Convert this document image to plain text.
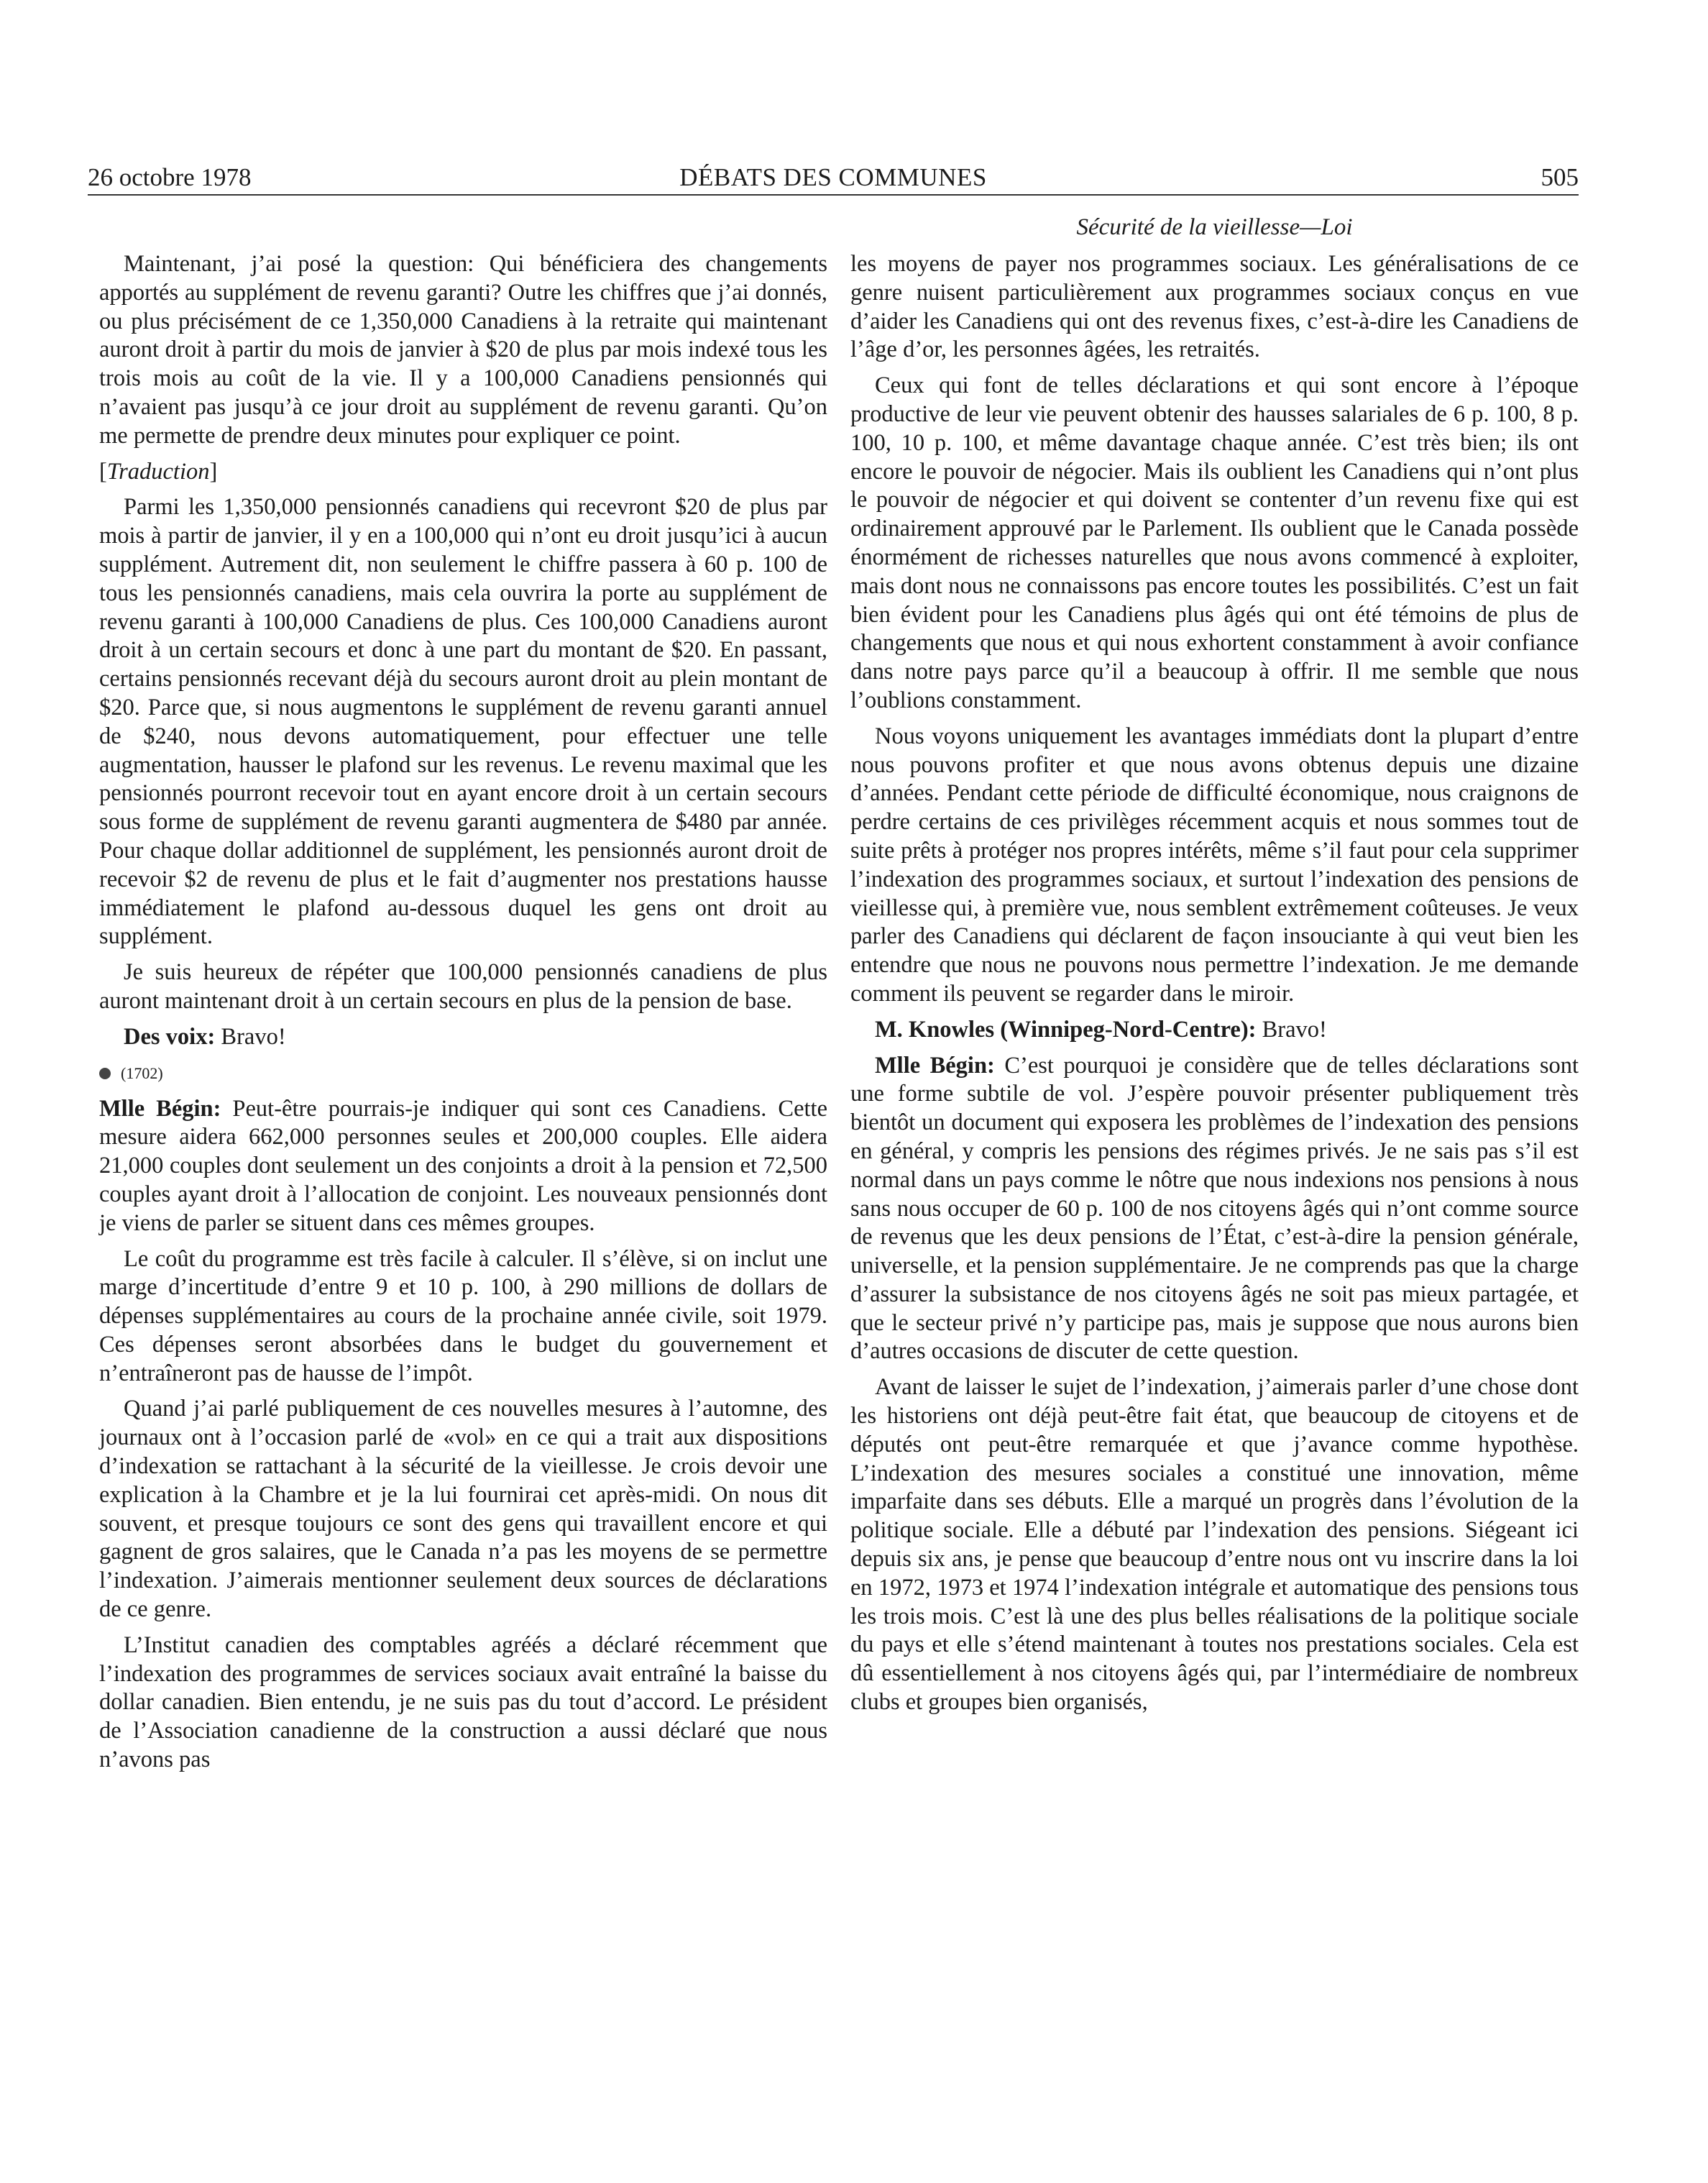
26 octobre 1978	DÉBATS DES COMMUNES	505
Sécurité de la vieillesse—Loi

Maintenant, j’ai posé la question: Qui bénéficiera des changements apportés au supplément de revenu garanti? Outre les chiffres que j’ai donnés, ou plus précisément de ce 1,350,000 Canadiens à la retraite qui maintenant auront droit à partir du mois de janvier à $20 de plus par mois indexé tous les trois mois au coût de la vie. Il y a 100,000 Canadiens pensionnés qui n’avaient pas jusqu’à ce jour droit au supplément de revenu garanti. Qu’on me permette de prendre deux minutes pour expliquer ce point.

[Traduction]

Parmi les 1,350,000 pensionnés canadiens qui recevront $20 de plus par mois à partir de janvier, il y en a 100,000 qui n’ont eu droit jusqu’ici à aucun supplément. Autrement dit, non seulement le chiffre passera à 60 p. 100 de tous les pensionnés canadiens, mais cela ouvrira la porte au supplément de revenu garanti à 100,000 Canadiens de plus. Ces 100,000 Canadiens auront droit à un certain secours et donc à une part du montant de $20. En passant, certains pensionnés recevant déjà du secours auront droit au plein montant de $20. Parce que, si nous augmentons le supplément de revenu garanti annuel de $240, nous devons automatiquement, pour effectuer une telle augmentation, hausser le plafond sur les revenus. Le revenu maximal que les pensionnés pourront recevoir tout en ayant encore droit à un certain secours sous forme de supplément de revenu garanti augmentera de $480 par année. Pour chaque dollar additionnel de supplément, les pensionnés auront droit de recevoir $2 de revenu de plus et le fait d’augmenter nos prestations hausse immédiatement le plafond au-dessous duquel les gens ont droit au supplément.

Je suis heureux de répéter que 100,000 pensionnés canadiens de plus auront maintenant droit à un certain secours en plus de la pension de base.

Des voix: Bravo!

(1702)

Mlle Bégin: Peut-être pourrais-je indiquer qui sont ces Canadiens. Cette mesure aidera 662,000 personnes seules et 200,000 couples. Elle aidera 21,000 couples dont seulement un des conjoints a droit à la pension et 72,500 couples ayant droit à l’allocation de conjoint. Les nouveaux pensionnés dont je viens de parler se situent dans ces mêmes groupes.

Le coût du programme est très facile à calculer. Il s’élève, si on inclut une marge d’incertitude d’entre 9 et 10 p. 100, à 290 millions de dollars de dépenses supplémentaires au cours de la prochaine année civile, soit 1979. Ces dépenses seront absorbées dans le budget du gouvernement et n’entraîneront pas de hausse de l’impôt.

Quand j’ai parlé publiquement de ces nouvelles mesures à l’automne, des journaux ont à l’occasion parlé de «vol» en ce qui a trait aux dispositions d’indexation se rattachant à la sécurité de la vieillesse. Je crois devoir une explication à la Chambre et je la lui fournirai cet après-midi. On nous dit souvent, et presque toujours ce sont des gens qui travaillent encore et qui gagnent de gros salaires, que le Canada n’a pas les moyens de se permettre l’indexation. J’aimerais mentionner seulement deux sources de déclarations de ce genre.

L’Institut canadien des comptables agréés a déclaré récemment que l’indexation des programmes de services sociaux avait entraîné la baisse du dollar canadien. Bien entendu, je ne suis pas du tout d’accord. Le président de l’Association canadienne de la construction a aussi déclaré que nous n’avons pas

les moyens de payer nos programmes sociaux. Les généralisations de ce genre nuisent particulièrement aux programmes sociaux conçus en vue d’aider les Canadiens qui ont des revenus fixes, c’est-à-dire les Canadiens de l’âge d’or, les personnes âgées, les retraités.

Ceux qui font de telles déclarations et qui sont encore à l’époque productive de leur vie peuvent obtenir des hausses salariales de 6 p. 100, 8 p. 100, 10 p. 100, et même davantage chaque année. C’est très bien; ils ont encore le pouvoir de négocier. Mais ils oublient les Canadiens qui n’ont plus le pouvoir de négocier et qui doivent se contenter d’un revenu fixe qui est ordinairement approuvé par le Parlement. Ils oublient que le Canada possède énormément de richesses naturelles que nous avons commencé à exploiter, mais dont nous ne connaissons pas encore toutes les possibilités. C’est un fait bien évident pour les Canadiens plus âgés qui ont été témoins de plus de changements que nous et qui nous exhortent constamment à avoir confiance dans notre pays parce qu’il a beaucoup à offrir. Il me semble que nous l’oublions constamment.

Nous voyons uniquement les avantages immédiats dont la plupart d’entre nous pouvons profiter et que nous avons obtenus depuis une dizaine d’années. Pendant cette période de difficulté économique, nous craignons de perdre certains de ces privilèges récemment acquis et nous sommes tout de suite prêts à protéger nos propres intérêts, même s’il faut pour cela supprimer l’indexation des programmes sociaux, et surtout l’indexation des pensions de vieillesse qui, à première vue, nous semblent extrêmement coûteuses. Je veux parler des Canadiens qui déclarent de façon insouciante à qui veut bien les entendre que nous ne pouvons nous permettre l’indexation. Je me demande comment ils peuvent se regarder dans le miroir.

M. Knowles (Winnipeg-Nord-Centre): Bravo!

Mlle Bégin: C’est pourquoi je considère que de telles déclarations sont une forme subtile de vol. J’espère pouvoir présenter publiquement très bientôt un document qui exposera les problèmes de l’indexation des pensions en général, y compris les pensions des régimes privés. Je ne sais pas s’il est normal dans un pays comme le nôtre que nous indexions nos pensions à nous sans nous occuper de 60 p. 100 de nos citoyens âgés qui n’ont comme source de revenus que les deux pensions de l’État, c’est-à-dire la pension générale, universelle, et la pension supplémentaire. Je ne comprends pas que la charge d’assurer la subsistance de nos citoyens âgés ne soit pas mieux partagée, et que le secteur privé n’y participe pas, mais je suppose que nous aurons bien d’autres occasions de discuter de cette question.

Avant de laisser le sujet de l’indexation, j’aimerais parler d’une chose dont les historiens ont déjà peut-être fait état, que beaucoup de citoyens et de députés ont peut-être remarquée et que j’avance comme hypothèse. L’indexation des mesures sociales a constitué une innovation, même imparfaite dans ses débuts. Elle a marqué un progrès dans l’évolution de la politique sociale. Elle a débuté par l’indexation des pensions. Siégeant ici depuis six ans, je pense que beaucoup d’entre nous ont vu inscrire dans la loi en 1972, 1973 et 1974 l’indexation intégrale et automatique des pensions tous les trois mois. C’est là une des plus belles réalisations de la politique sociale du pays et elle s’étend maintenant à toutes nos prestations sociales. Cela est dû essentiellement à nos citoyens âgés qui, par l’intermédiaire de nombreux clubs et groupes bien organisés,
